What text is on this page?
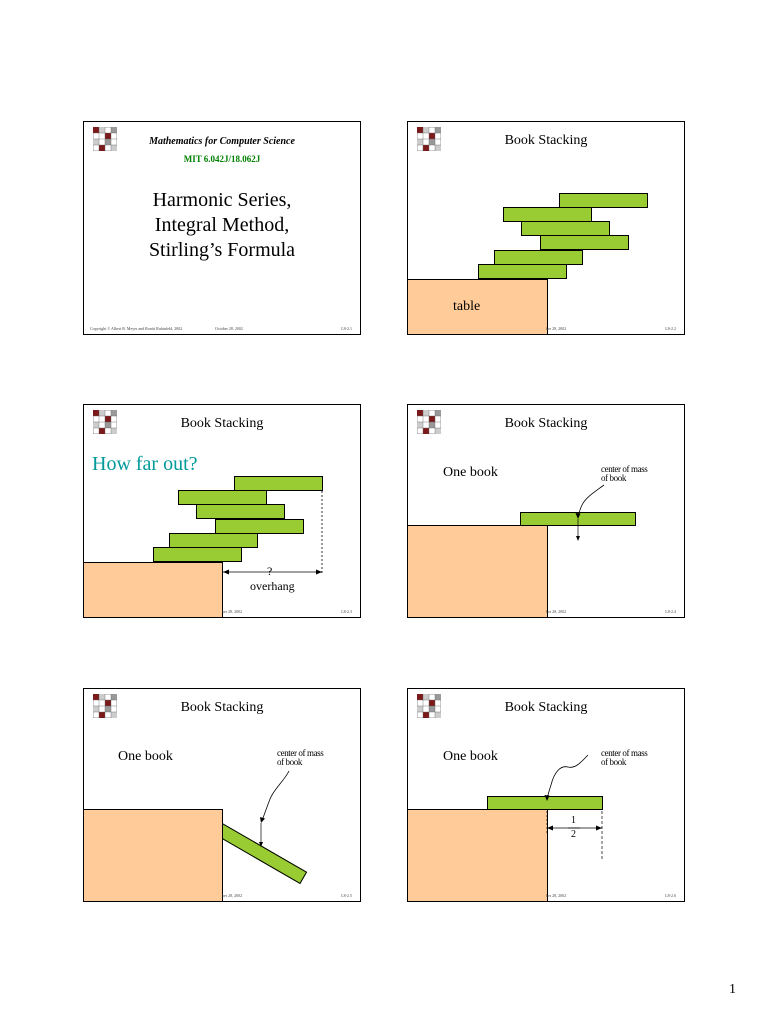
Mathematics for Computer Science
MIT 6.042J/18.062J
Harmonic Series,
Integral Method,
Stirling’s Formula
Copyright © Albert R. Meyer and Ronitt Rubinfeld, 2002.	October 28, 2002	L8-2.1
Book Stacking
table
ber 28, 2002	L8-2.2
Book Stacking
How far out?
?
overhang
ber 28, 2002	L8-2.3
Book Stacking
One book	center of mass
of book
ber 28, 2002	L8-2.4
Book Stacking
One book	center of mass
of book
ber 28, 2002	L8-2.5
Book Stacking
One book	center of mass
of book
1
2
ber 28, 2002	L8-2.6
1
